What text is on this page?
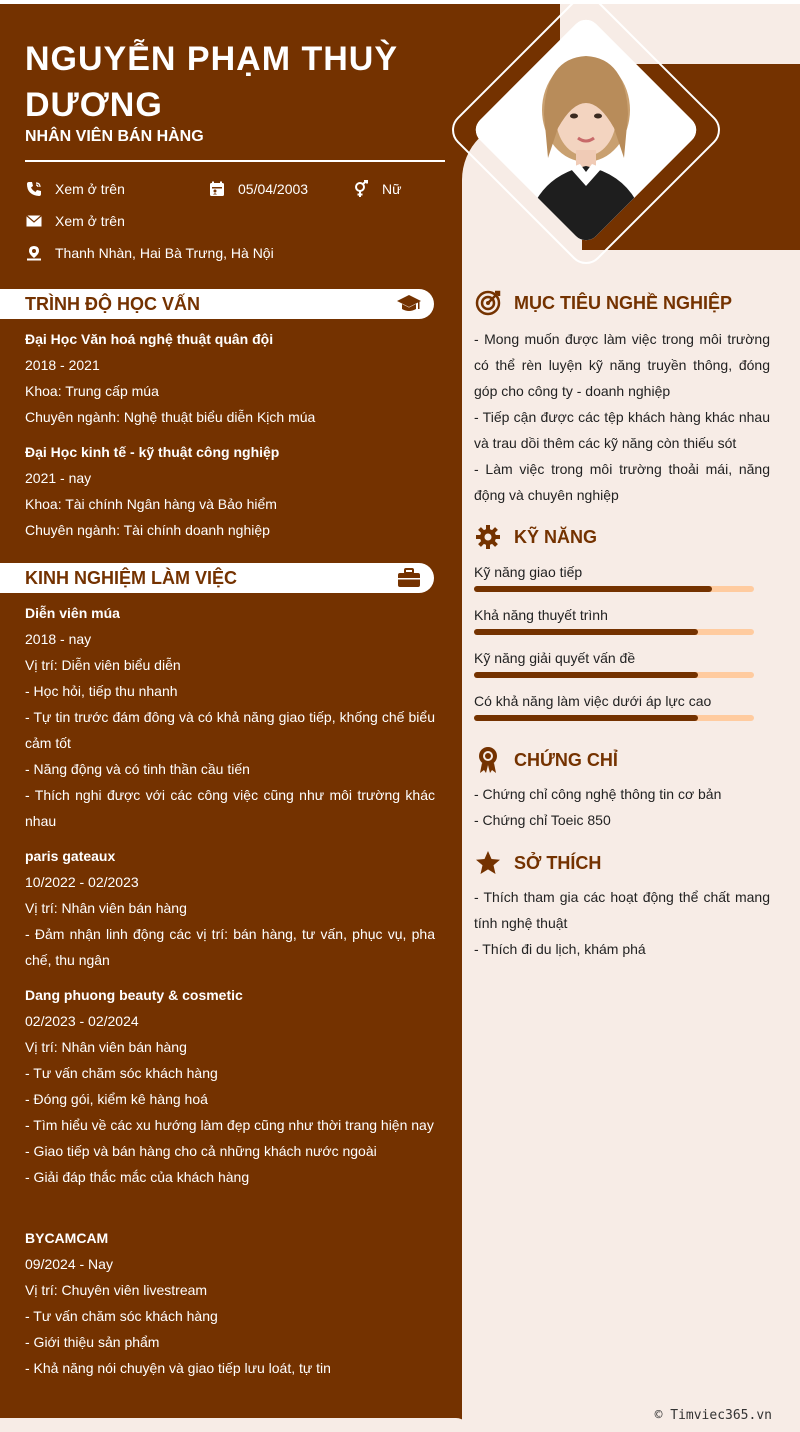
NGUYỄN PHẠM THUỲ DƯƠNG
NHÂN VIÊN BÁN HÀNG
Xem ở trên	05/04/2003	Nữ
Xem ở trên
Thanh Nhàn, Hai Bà Trưng, Hà Nội
TRÌNH ĐỘ HỌC VẤN
Đại Học Văn hoá nghệ thuật quân đội
2018 - 2021
Khoa: Trung cấp múa
Chuyên ngành: Nghệ thuật biểu diễn Kịch múa
Đại Học kinh tế - kỹ thuật công nghiệp
2021 - nay
Khoa: Tài chính Ngân hàng và Bảo hiểm
Chuyên ngành: Tài chính doanh nghiệp
KINH NGHIỆM LÀM VIỆC
Diễn viên múa
2018 - nay
Vị trí: Diễn viên biểu diễn
- Học hỏi, tiếp thu nhanh
- Tự tin trước đám đông và có khả năng giao tiếp, khống chế biểu cảm tốt
- Năng động và có tinh thần cầu tiến
- Thích nghi được với các công việc cũng như môi trường khác nhau
paris gateaux
10/2022 - 02/2023
Vị trí: Nhân viên bán hàng
- Đảm nhận linh động các vị trí: bán hàng, tư vấn, phục vụ, pha chế, thu ngân
Dang phuong beauty & cosmetic
02/2023 - 02/2024
Vị trí: Nhân viên bán hàng
- Tư vấn chăm sóc khách hàng
- Đóng gói, kiểm kê hàng hoá
- Tìm hiểu về các xu hướng làm đẹp cũng như thời trang hiện nay
- Giao tiếp và bán hàng cho cả những khách nước ngoài
- Giải đáp thắc mắc của khách hàng
BYCAMCAM
09/2024 - Nay
Vị trí: Chuyên viên livestream
- Tư vấn chăm sóc khách hàng
- Giới thiệu sản phẩm
- Khả năng nói chuyện và giao tiếp lưu loát, tự tin
MỤC TIÊU NGHỀ NGHIỆP
- Mong muốn được làm việc trong môi trường có thể rèn luyện kỹ năng truyền thông, đóng góp cho công ty - doanh nghiệp
- Tiếp cận được các tệp khách hàng khác nhau và trau dồi thêm các kỹ năng còn thiếu sót
- Làm việc trong môi trường thoải mái, năng động và chuyên nghiệp
KỸ NĂNG
Kỹ năng giao tiếp
Khả năng thuyết trình
Kỹ năng giải quyết vấn đề
Có khả năng làm việc dưới áp lực cao
CHỨNG CHỈ
- Chứng chỉ công nghệ thông tin cơ bản
- Chứng chỉ Toeic 850
SỞ THÍCH
- Thích tham gia các hoạt động thể chất mang tính nghệ thuật
- Thích đi du lịch, khám phá
© Timviec365.vn
